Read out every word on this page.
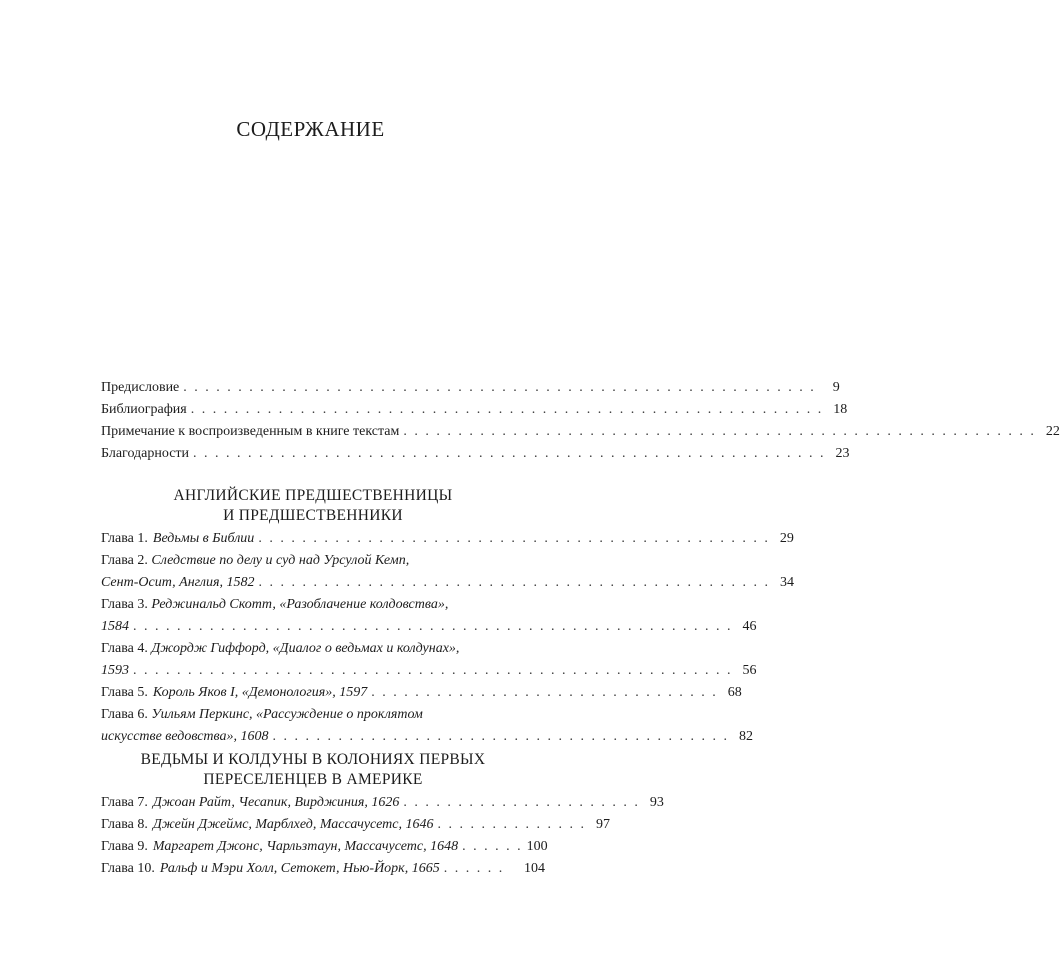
СОДЕРЖАНИЕ
Предисловие . . . . . . . . . . . . . . . . . . . . . . . . . . . . . . . . . . . . . . . . . . . . . . . . . . . . . . . . . .	9
Библиография . . . . . . . . . . . . . . . . . . . . . . . . . . . . . . . . . . . . . . . . . . . . . . . . . . . . . . . . . . 18
Примечание к воспроизведенным в книге текстам . . . . . . . . . . . . . . . . . . . . . . . . . . . . . . . . . . . . . . . . . . . . . . . . . . . . . . . . . . 22
Благодарности . . . . . . . . . . . . . . . . . . . . . . . . . . . . . . . . . . . . . . . . . . . . . . . . . . . . . . . . . . 23
АНГЛИЙСКИЕ ПРЕДШЕСТВЕННИЦЫ
И ПРЕДШЕСТВЕННИКИ
Глава 1. Ведьмы в Библии . . . . . . . . . . . . . . . . . . . . . . . . . . . . . . . . . . . . . . . . . . . . . . . 29
Глава 2. Следствие по делу и суд над Урсулой Кемп,
Сент-Осит, Англия, 1582 . . . . . . . . . . . . . . . . . . . . . . . . . . . . . . . . . . . . . . . . . . . . . . . 34
Глава 3. Реджинальд Скотт, «Разоблачение колдовства»,
1584 . . . . . . . . . . . . . . . . . . . . . . . . . . . . . . . . . . . . . . . . . . . . . . . . . . . . . . . 46
Глава 4. Джордж Гиффорд, «Диалог о ведьмах и колдунах»,
1593 . . . . . . . . . . . . . . . . . . . . . . . . . . . . . . . . . . . . . . . . . . . . . . . . . . . . . . . 56
Глава 5. Король Яков I, «Демонология», 1597 . . . . . . . . . . . . . . . . . . . . . . . . . . . . . . . . 68
Глава 6. Уильям Перкинс, «Рассуждение о проклятом
искусстве ведовства», 1608 . . . . . . . . . . . . . . . . . . . . . . . . . . . . . . . . . . . . . . . . . . 82
ВЕДЬМЫ И КОЛДУНЫ В КОЛОНИЯХ ПЕРВЫХ
ПЕРЕСЕЛЕНЦЕВ В АМЕРИКЕ
Глава 7. Джоан Райт, Чесапик, Вирджиния, 1626 . . . . . . . . . . . . . . . . . . . . . . 93
Глава 8. Джейн Джеймс, Марблхед, Массачусетс, 1646 . . . . . . . . . . . . . . 97
Глава 9. Маргарет Джонс, Чарльзтаун, Массачусетс, 1648 . . . . . . 100
Глава 10. Ральф и Мэри Холл, Сетокет, Нью-Йорк, 1665 . . . . . .	104
